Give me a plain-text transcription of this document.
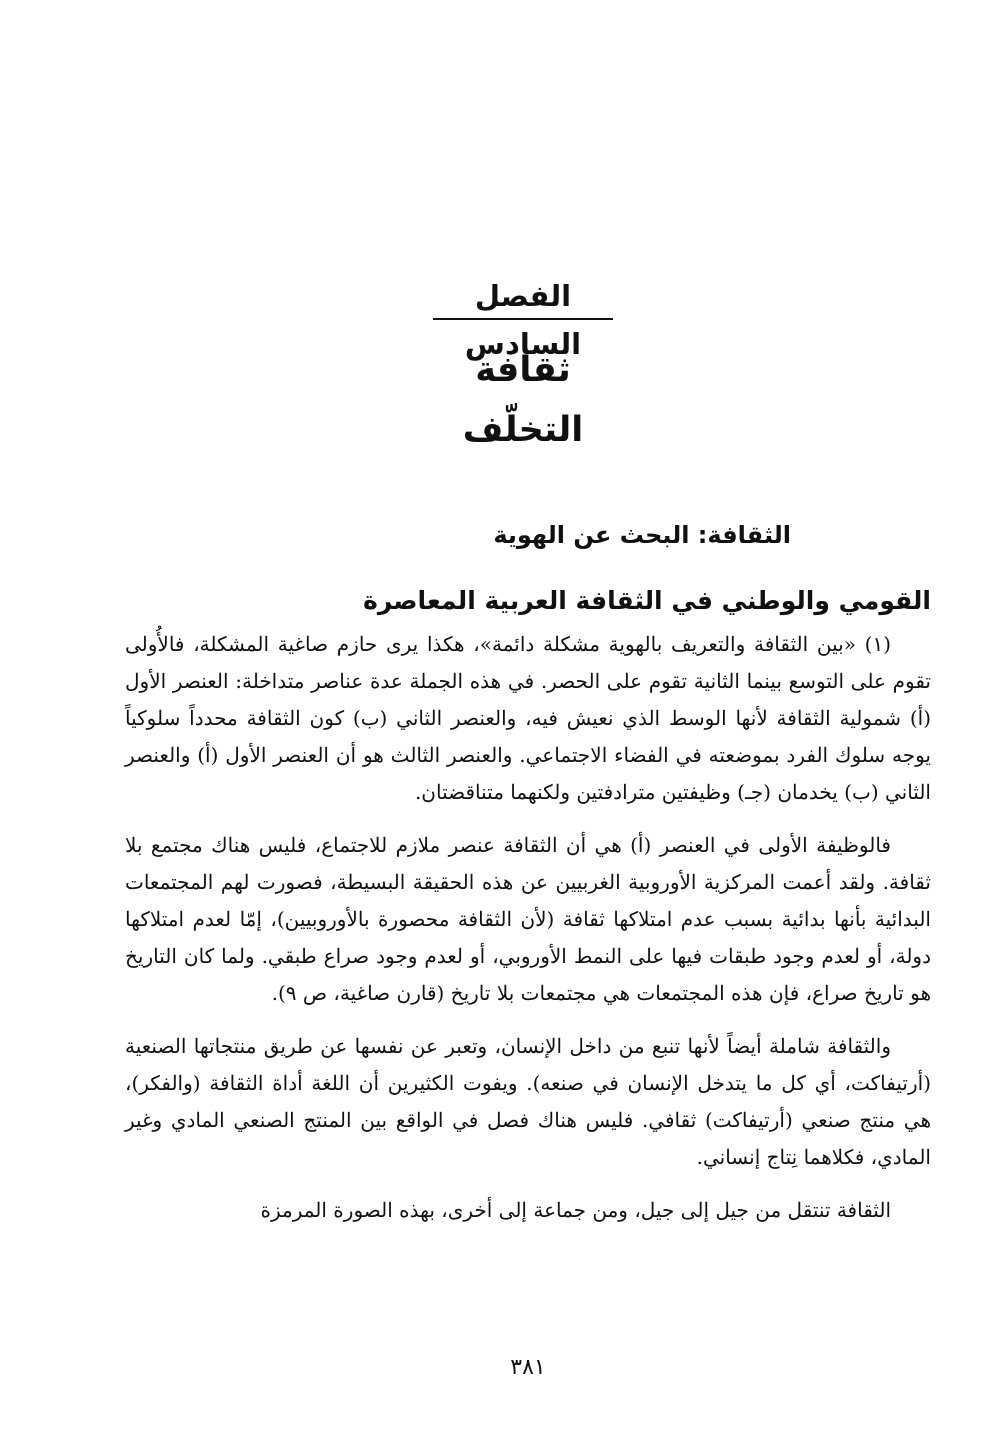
الفصل السادس
ثقافة التخلّف
الثقافة: البحث عن الهوية
القومي والوطني في الثقافة العربية المعاصرة

(١) «بين الثقافة والتعريف بالهوية مشكلة دائمة»، هكذا يرى حازم صاغية المشكلة، فالأُولى تقوم على التوسع بينما الثانية تقوم على الحصر. في هذه الجملة عدة عناصر متداخلة: العنصر الأول (أ) شمولية الثقافة لأنها الوسط الذي نعيش فيه، والعنصر الثاني (ب) كون الثقافة محدداً سلوكياً يوجه سلوك الفرد بموضعته في الفضاء الاجتماعي. والعنصر الثالث هو أن العنصر الأول (أ) والعنصر الثاني (ب) يخدمان (جـ) وظيفتين مترادفتين ولكنهما متناقضتان.

فالوظيفة الأولى في العنصر (أ) هي أن الثقافة عنصر ملازم للاجتماع، فليس هناك مجتمع بلا ثقافة. ولقد أعمت المركزية الأوروبية الغربيين عن هذه الحقيقة البسيطة، فصورت لهم المجتمعات البدائية بأنها بدائية بسبب عدم امتلاكها ثقافة (لأن الثقافة محصورة بالأوروبيين)، إمّا لعدم امتلاكها دولة، أو لعدم وجود طبقات فيها على النمط الأوروبي، أو لعدم وجود صراع طبقي. ولما كان التاريخ هو تاريخ صراع، فإن هذه المجتمعات هي مجتمعات بلا تاريخ (قارن صاغية، ص ٩).

والثقافة شاملة أيضاً لأنها تنبع من داخل الإنسان، وتعبر عن نفسها عن طريق منتجاتها الصنعية (أرتيفاكت، أي كل ما يتدخل الإنسان في صنعه). ويفوت الكثيرين أن اللغة أداة الثقافة (والفكر)، هي منتج صنعي (أرتيفاكت) ثقافي. فليس هناك فصل في الواقع بين المنتج الصنعي المادي وغير المادي، فكلاهما نِتاج إنساني.

الثقافة تنتقل من جيل إلى جيل، ومن جماعة إلى أخرى، بهذه الصورة المرمزة

٣٨١
